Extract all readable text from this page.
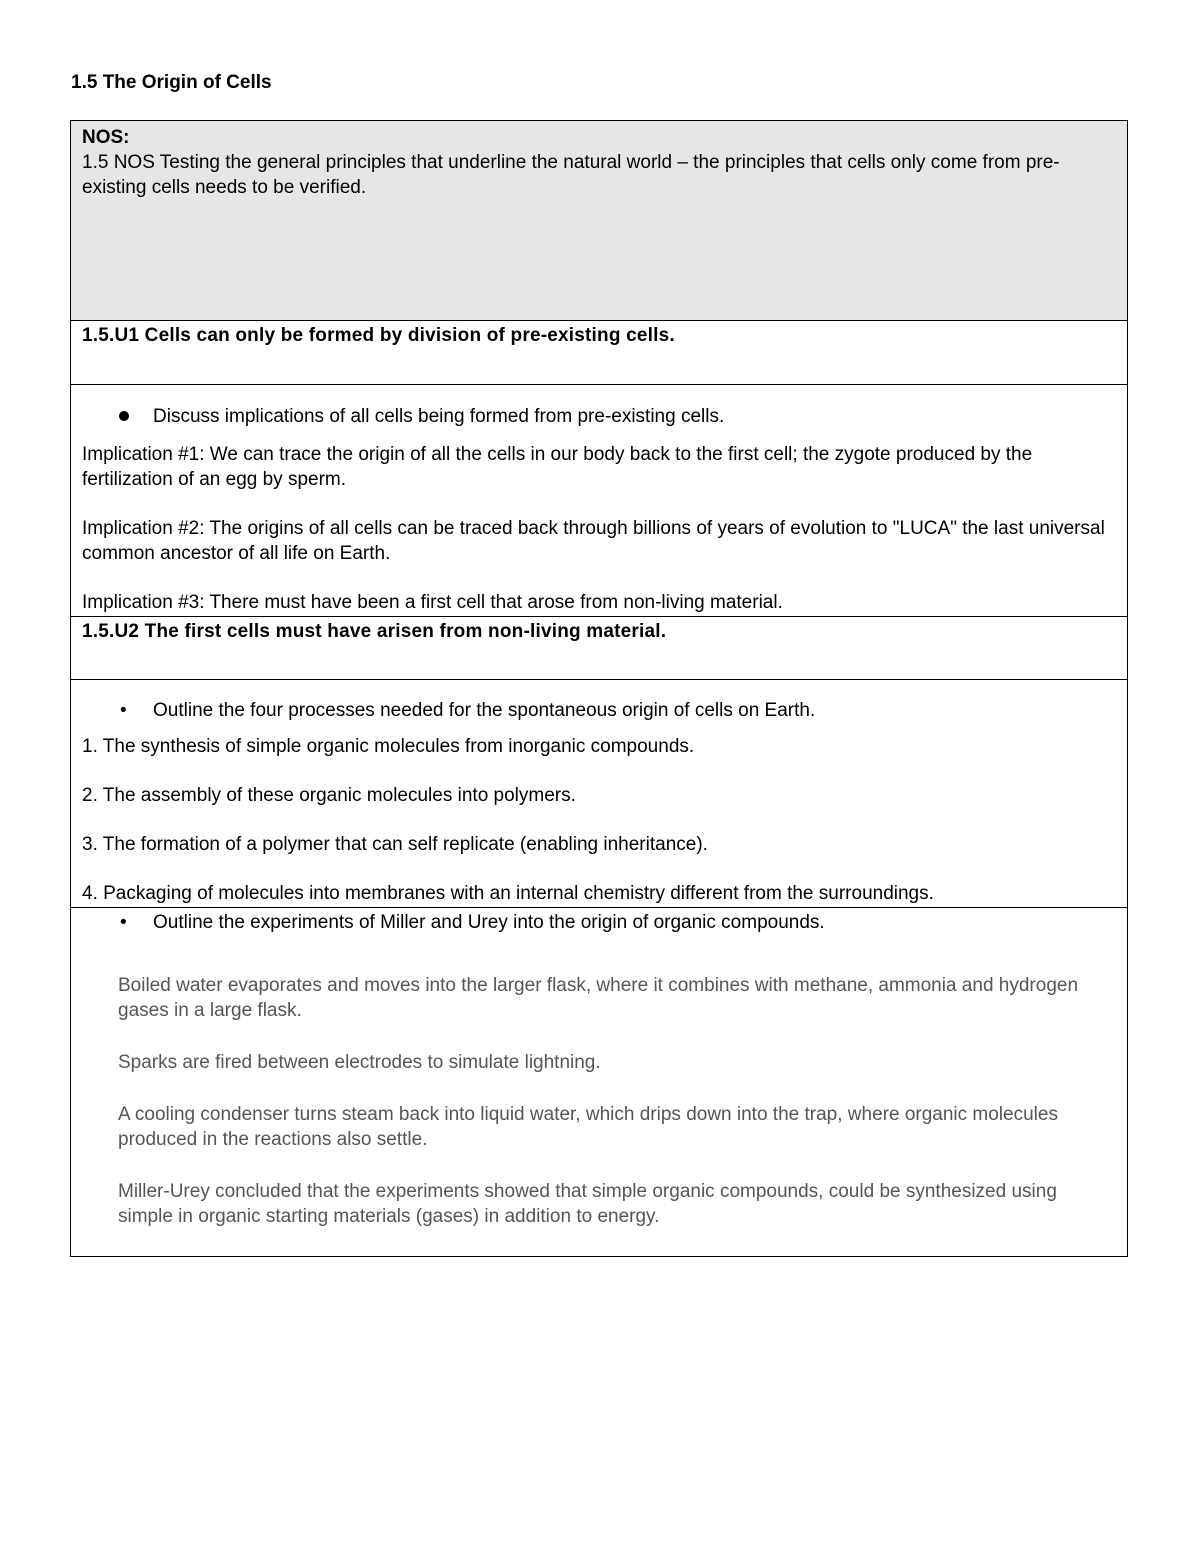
1.5 The Origin of Cells

NOS:

1.5 NOS Testing the general principles that underline the natural world – the principles that cells only come from pre-existing cells needs to be verified.

1.5.U1 Cells can only be formed by division of pre-existing cells.

Discuss implications of all cells being formed from pre-existing cells.

Implication #1: We can trace the origin of all the cells in our body back to the first cell; the zygote produced by the fertilization of an egg by sperm.

Implication #2: The origins of all cells can be traced back through billions of years of evolution to "LUCA" the last universal common ancestor of all life on Earth.

Implication #3: There must have been a first cell that arose from non-living material.

1.5.U2 The first cells must have arisen from non-living material.

• Outline the four processes needed for the spontaneous origin of cells on Earth.

1. The synthesis of simple organic molecules from inorganic compounds.

2. The assembly of these organic molecules into polymers.

3. The formation of a polymer that can self replicate (enabling inheritance).

4. Packaging of molecules into membranes with an internal chemistry different from the surroundings.

• Outline the experiments of Miller and Urey into the origin of organic compounds.

Boiled water evaporates and moves into the larger flask, where it combines with methane, ammonia and hydrogen gases in a large flask.

Sparks are fired between electrodes to simulate lightning.

A cooling condenser turns steam back into liquid water, which drips down into the trap, where organic molecules produced in the reactions also settle.

Miller-Urey concluded that the experiments showed that simple organic compounds, could be synthesized using simple in organic starting materials (gases) in addition to energy.
